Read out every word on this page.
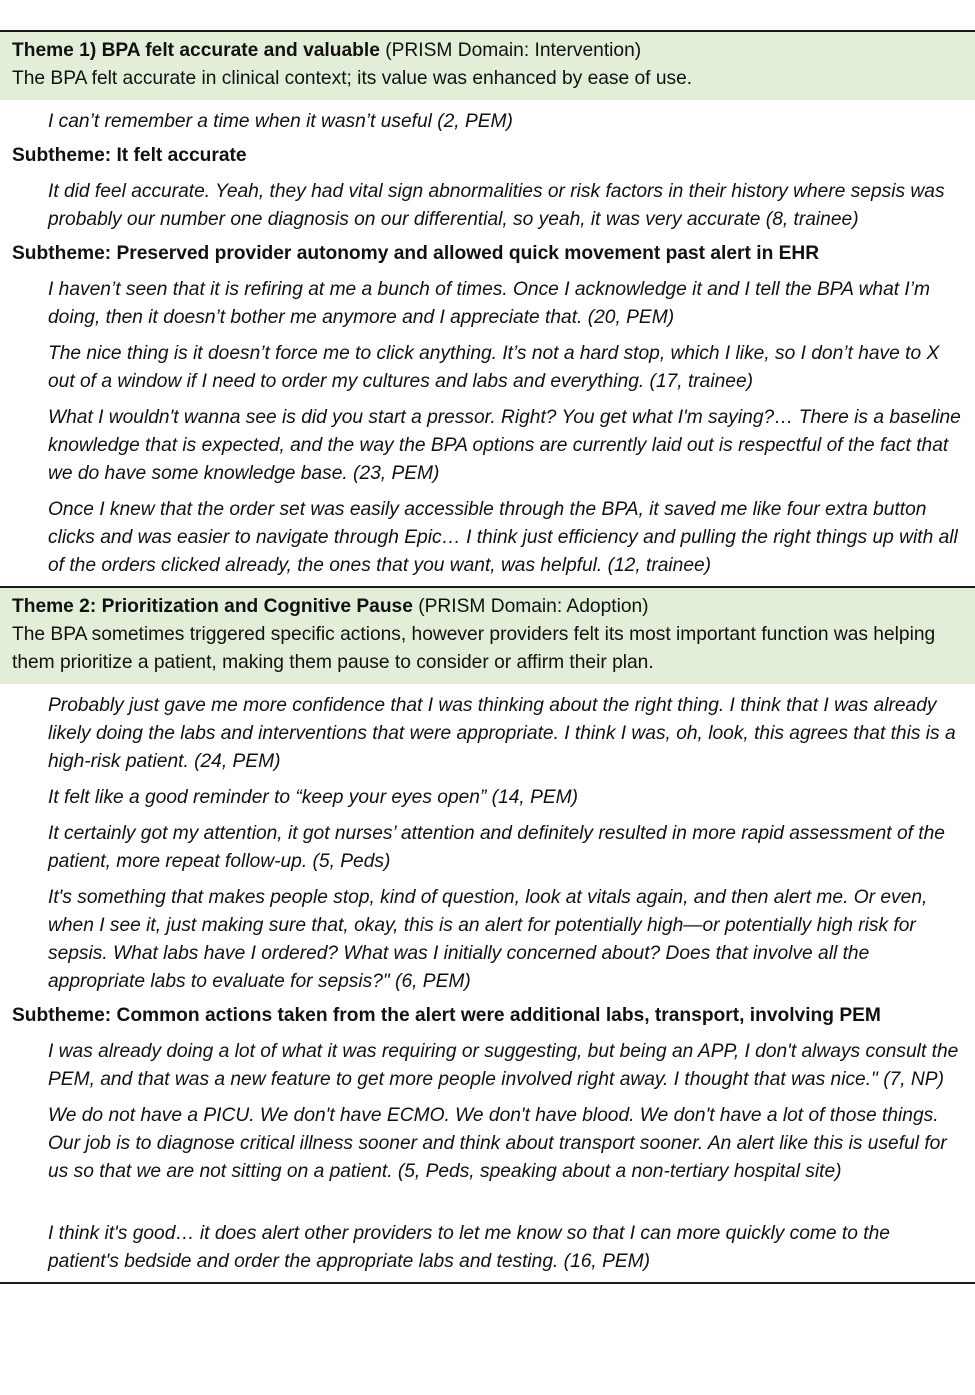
Theme 1) BPA felt accurate and valuable (PRISM Domain: Intervention)
The BPA felt accurate in clinical context; its value was enhanced by ease of use.
I can’t remember a time when it wasn’t useful (2, PEM)
Subtheme: It felt accurate
It did feel accurate. Yeah, they had vital sign abnormalities or risk factors in their history where sepsis was probably our number one diagnosis on our differential, so yeah, it was very accurate (8, trainee)
Subtheme: Preserved provider autonomy and allowed quick movement past alert in EHR
I haven’t seen that it is refiring at me a bunch of times. Once I acknowledge it and I tell the BPA what I’m doing, then it doesn’t bother me anymore and I appreciate that. (20, PEM)
The nice thing is it doesn’t force me to click anything. It’s not a hard stop, which I like, so I don’t have to X out of a window if I need to order my cultures and labs and everything. (17, trainee)
What I wouldn't wanna see is did you start a pressor. Right? You get what I'm saying?… There is a baseline knowledge that is expected, and the way the BPA options are currently laid out is respectful of the fact that we do have some knowledge base. (23, PEM)
Once I knew that the order set was easily accessible through the BPA, it saved me like four extra button clicks and was easier to navigate through Epic… I think just efficiency and pulling the right things up with all of the orders clicked already, the ones that you want, was helpful. (12, trainee)
Theme 2: Prioritization and Cognitive Pause (PRISM Domain: Adoption)
The BPA sometimes triggered specific actions, however providers felt its most important function was helping them prioritize a patient, making them pause to consider or affirm their plan.
Probably just gave me more confidence that I was thinking about the right thing. I think that I was already likely doing the labs and interventions that were appropriate. I think I was, oh, look, this agrees that this is a high-risk patient. (24, PEM)
It felt like a good reminder to “keep your eyes open” (14, PEM)
It certainly got my attention, it got nurses’ attention and definitely resulted in more rapid assessment of the patient, more repeat follow-up. (5, Peds)
It's something that makes people stop, kind of question, look at vitals again, and then alert me. Or even, when I see it, just making sure that, okay, this is an alert for potentially high—or potentially high risk for sepsis. What labs have I ordered? What was I initially concerned about? Does that involve all the appropriate labs to evaluate for sepsis?" (6, PEM)
Subtheme: Common actions taken from the alert were additional labs, transport, involving PEM
I was already doing a lot of what it was requiring or suggesting, but being an APP, I don't always consult the PEM, and that was a new feature to get more people involved right away. I thought that was nice." (7, NP)
We do not have a PICU. We don't have ECMO. We don't have blood. We don't have a lot of those things. Our job is to diagnose critical illness sooner and think about transport sooner. An alert like this is useful for us so that we are not sitting on a patient. (5, Peds, speaking about a non-tertiary hospital site)
I think it's good… it does alert other providers to let me know so that I can more quickly come to the patient's bedside and order the appropriate labs and testing. (16, PEM)
